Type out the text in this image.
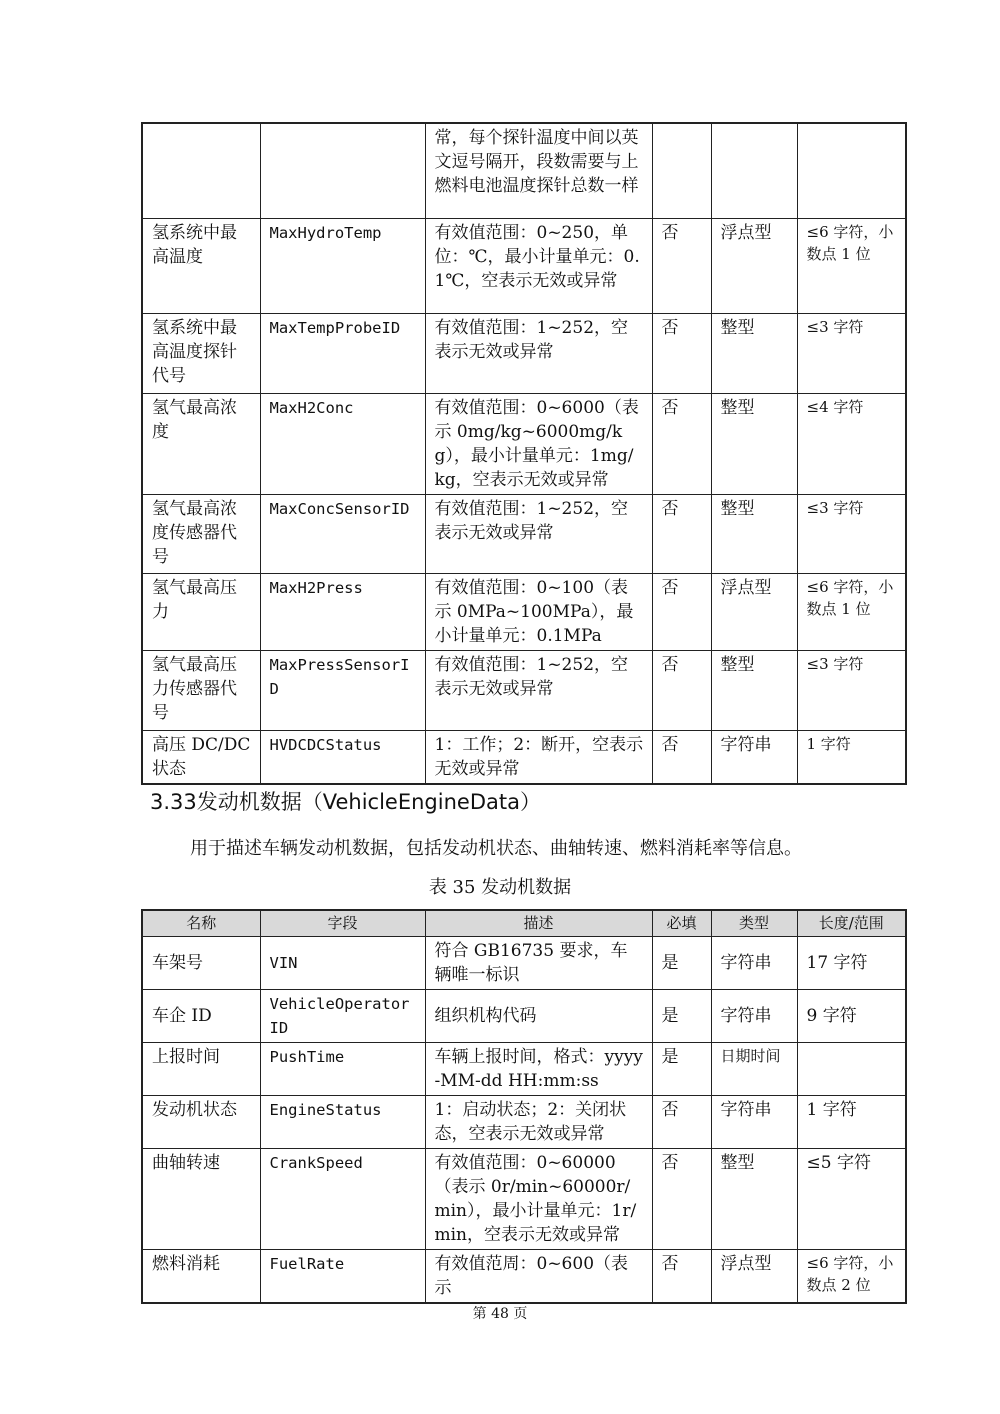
		常，每个探针温度中间以英文逗号隔开，段数需要与上燃料电池温度探针总数一样			
氢系统中最高温度	MaxHydroTemp	有效值范围：0~250，单位：℃，最小计量单元：0.1℃，空表示无效或异常	否	浮点型	≤6 字符，小数点 1 位
氢系统中最高温度探针代号	MaxTempProbeID	有效值范围：1~252，空表示无效或异常	否	整型	≤3 字符
氢气最高浓度	MaxH2Conc	有效值范围：0~6000（表示 0mg/kg~6000mg/kg），最小计量单元：1mg/kg，空表示无效或异常	否	整型	≤4 字符
氢气最高浓度传感器代号	MaxConcSensorID	有效值范围：1~252，空表示无效或异常	否	整型	≤3 字符
氢气最高压力	MaxH2Press	有效值范围：0~100（表示 0MPa~100MPa），最小计量单元：0.1MPa	否	浮点型	≤6 字符，小数点 1 位
氢气最高压力传感器代号	MaxPressSensorID	有效值范围：1~252，空表示无效或异常	否	整型	≤3 字符
高压 DC/DC 状态	HVDCDCStatus	1：工作；2：断开，空表示无效或异常	否	字符串	1 字符
3.33发动机数据（VehicleEngineData）

用于描述车辆发动机数据，包括发动机状态、曲轴转速、燃料消耗率等信息。

表 35 发动机数据

名称	字段	描述	必填	类型	长度/范围
车架号	VIN	符合 GB16735 要求，车辆唯一标识	是	字符串	17 字符
车企 ID	VehicleOperatorID	组织机构代码	是	字符串	9 字符
上报时间	PushTime	车辆上报时间，格式：yyyy-MM-dd HH:mm:ss	是	日期时间	
发动机状态	EngineStatus	1：启动状态；2：关闭状态，空表示无效或异常	否	字符串	1 字符
曲轴转速	CrankSpeed	有效值范围：0~60000（表示 0r/min~60000r/min），最小计量单元：1r/min，空表示无效或异常	否	整型	≤5 字符
燃料消耗	FuelRate	有效值范周：0~600（表示	否	浮点型	≤6 字符，小数点 2 位
第 48 页
